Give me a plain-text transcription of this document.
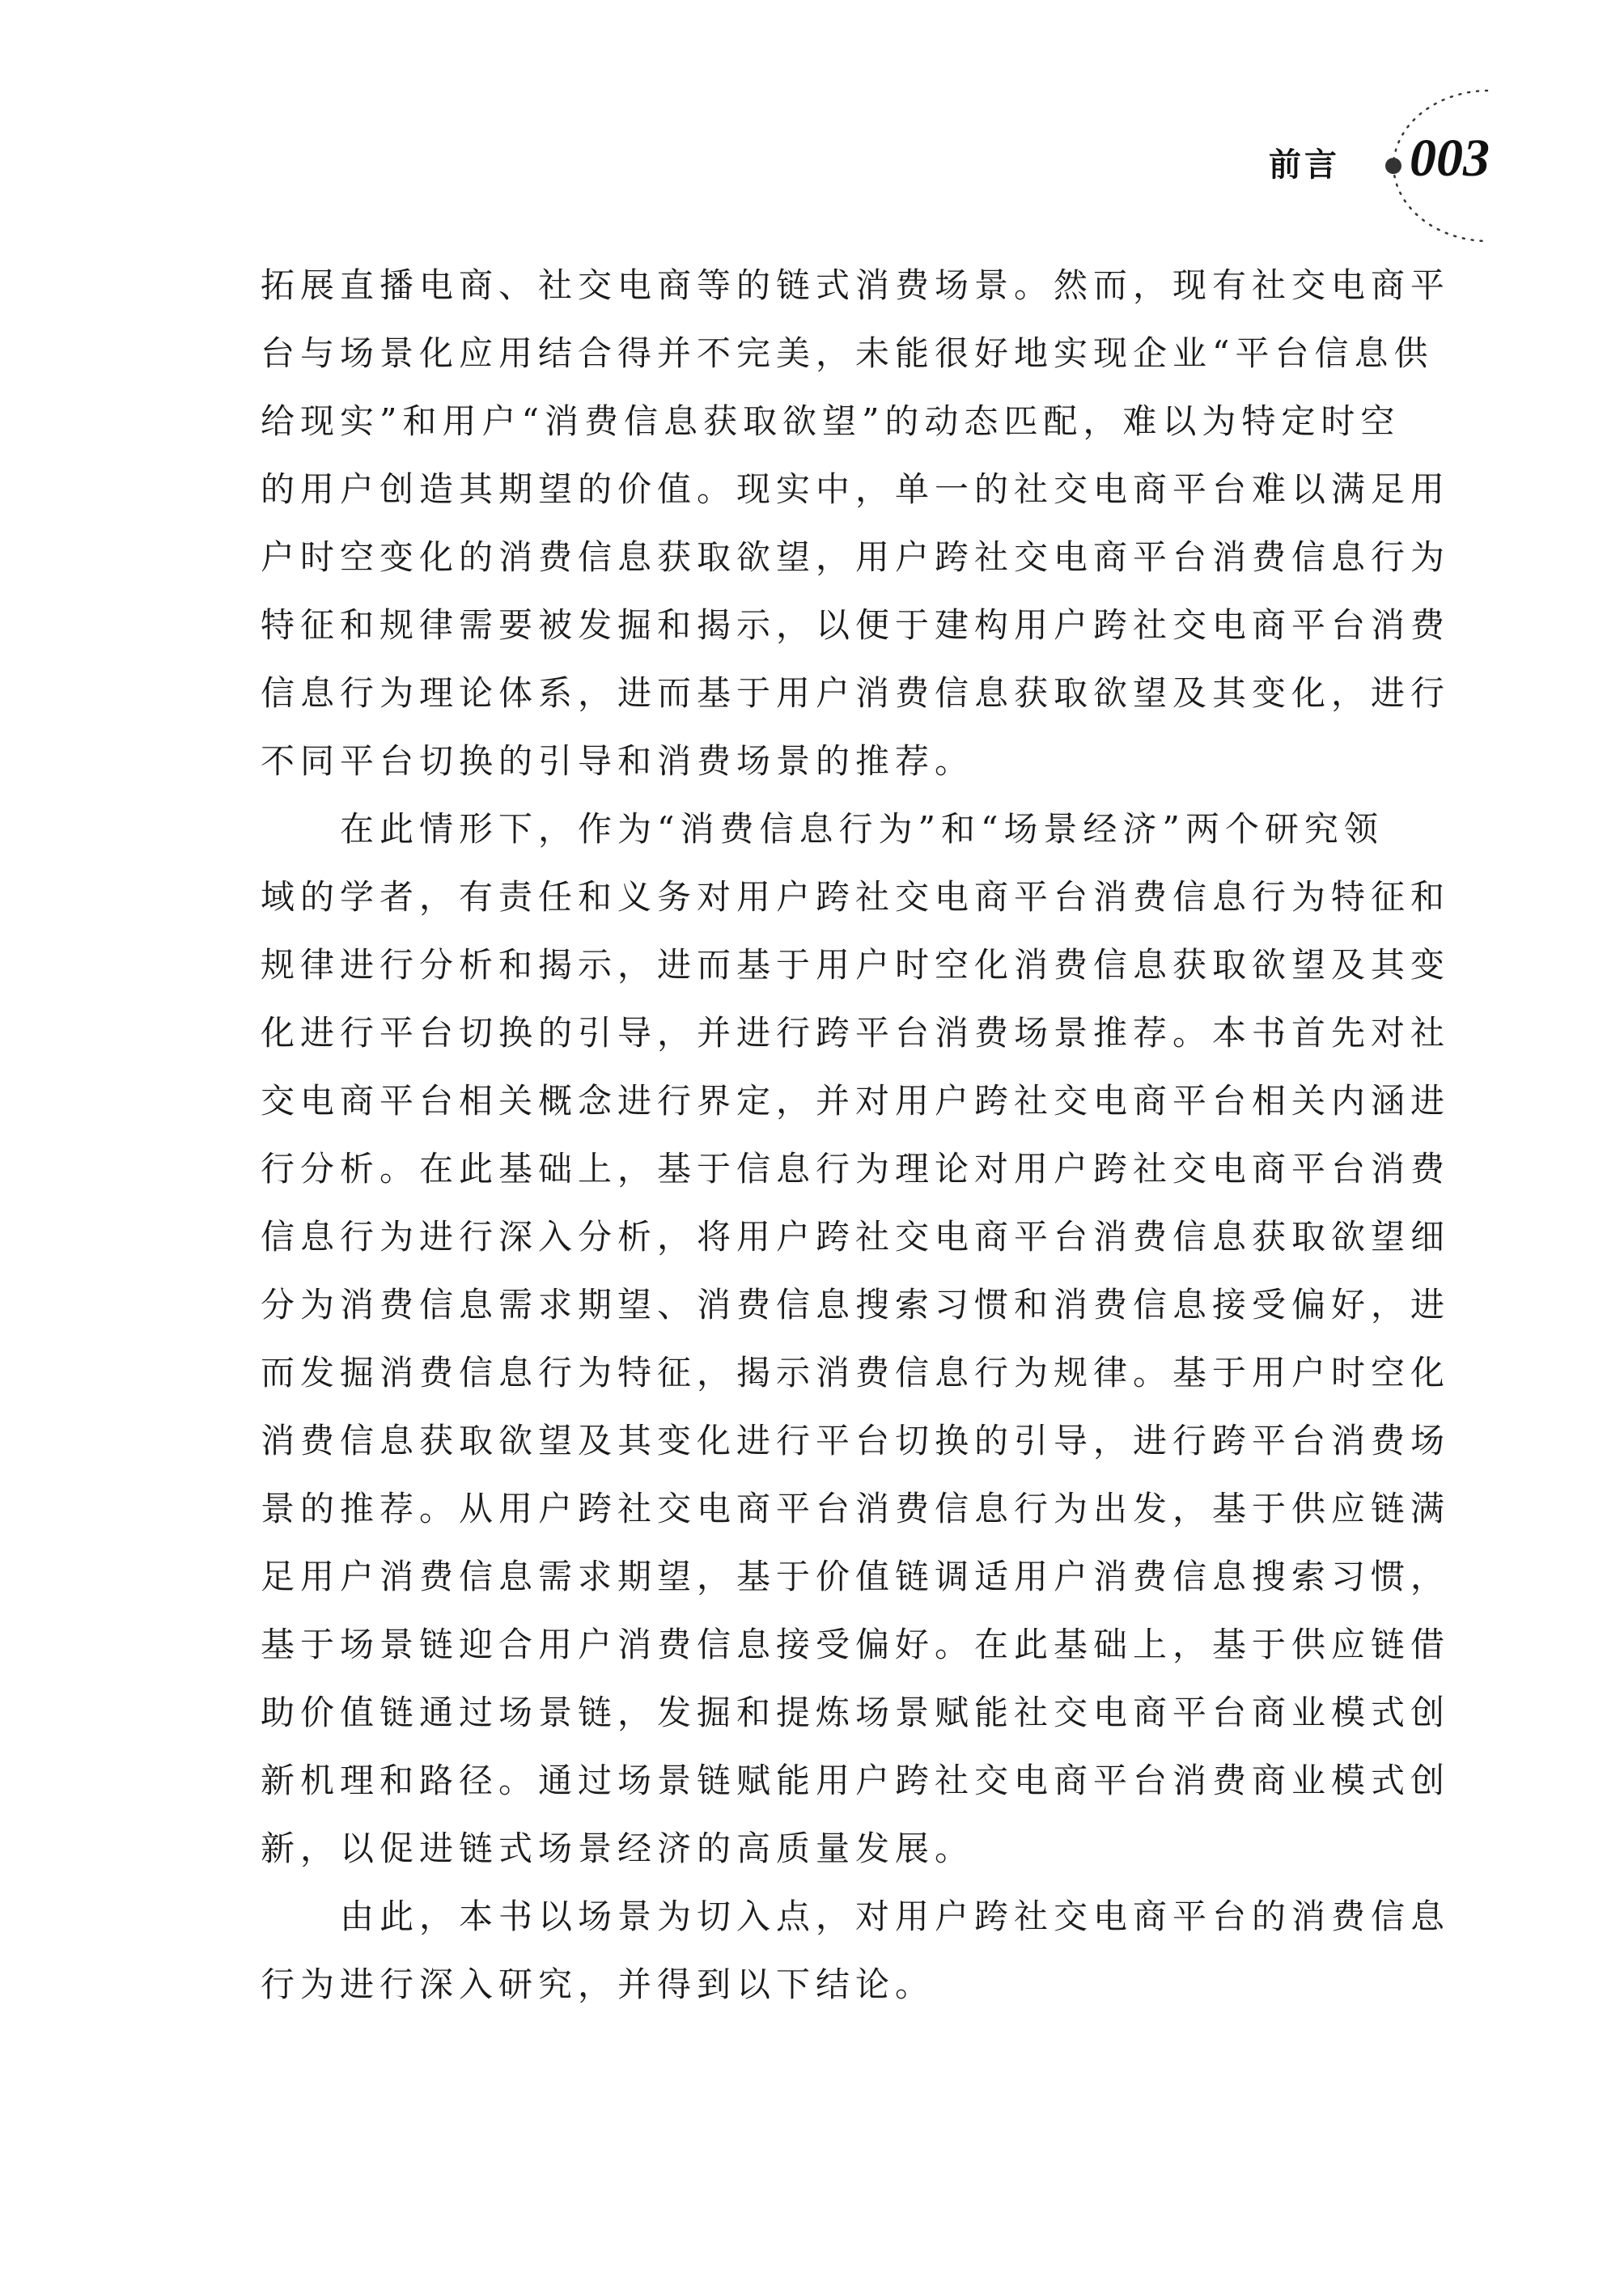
前言 003
拓展直播电商、社交电商等的链式消费场景。然而，现有社交电商平
台与场景化应用结合得并不完美，未能很好地实现企业“平台信息供
给现实”和用户“消费信息获取欲望”的动态匹配，难以为特定时空
的用户创造其期望的价值。现实中，单一的社交电商平台难以满足用
户时空变化的消费信息获取欲望，用户跨社交电商平台消费信息行为
特征和规律需要被发掘和揭示，以便于建构用户跨社交电商平台消费
信息行为理论体系，进而基于用户消费信息获取欲望及其变化，进行
不同平台切换的引导和消费场景的推荐。
在此情形下，作为“消费信息行为”和“场景经济”两个研究领
域的学者，有责任和义务对用户跨社交电商平台消费信息行为特征和
规律进行分析和揭示，进而基于用户时空化消费信息获取欲望及其变
化进行平台切换的引导，并进行跨平台消费场景推荐。本书首先对社
交电商平台相关概念进行界定，并对用户跨社交电商平台相关内涵进
行分析。在此基础上，基于信息行为理论对用户跨社交电商平台消费
信息行为进行深入分析，将用户跨社交电商平台消费信息获取欲望细
分为消费信息需求期望、消费信息搜索习惯和消费信息接受偏好，进
而发掘消费信息行为特征，揭示消费信息行为规律。基于用户时空化
消费信息获取欲望及其变化进行平台切换的引导，进行跨平台消费场
景的推荐。从用户跨社交电商平台消费信息行为出发，基于供应链满
足用户消费信息需求期望，基于价值链调适用户消费信息搜索习惯，
基于场景链迎合用户消费信息接受偏好。在此基础上，基于供应链借
助价值链通过场景链，发掘和提炼场景赋能社交电商平台商业模式创
新机理和路径。通过场景链赋能用户跨社交电商平台消费商业模式创
新，以促进链式场景经济的高质量发展。
由此，本书以场景为切入点，对用户跨社交电商平台的消费信息
行为进行深入研究，并得到以下结论。
